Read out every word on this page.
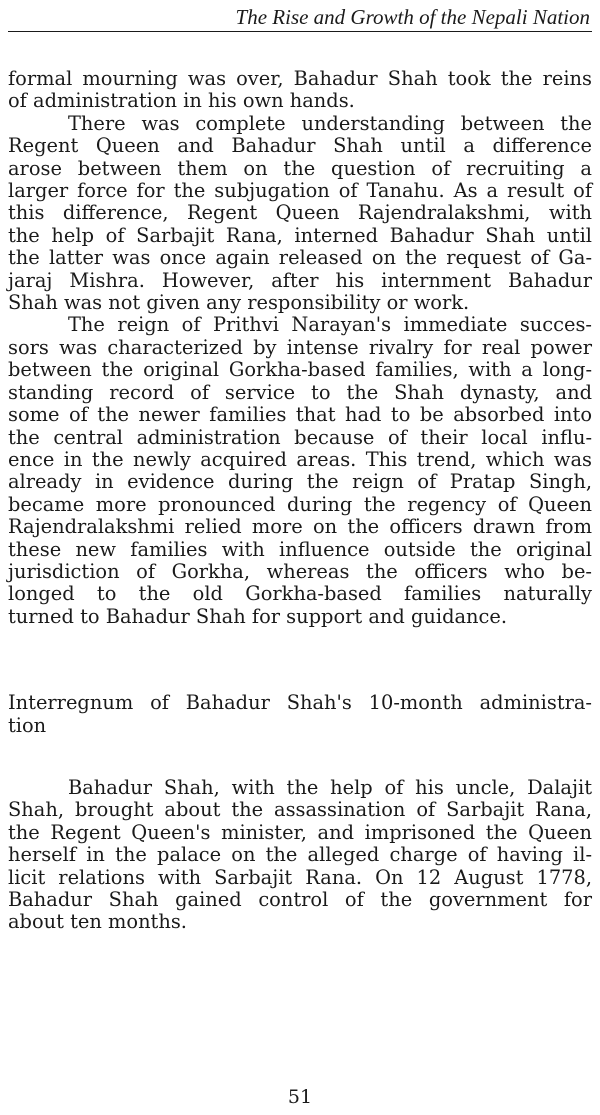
The Rise and Growth of the Nepali Nation
formal mourning was over, Bahadur Shah took the reins
of administration in his own hands.
There was complete understanding between the
Regent Queen and Bahadur Shah until a difference
arose between them on the question of recruiting a
larger force for the subjugation of Tanahu. As a result of
this difference, Regent Queen Rajendralakshmi, with
the help of Sarbajit Rana, interned Bahadur Shah until
the latter was once again released on the request of Ga-
jaraj Mishra. However, after his internment Bahadur
Shah was not given any responsibility or work.
The reign of Prithvi Narayan's immediate succes-
sors was characterized by intense rivalry for real power
between the original Gorkha-based families, with a long-
standing record of service to the Shah dynasty, and
some of the newer families that had to be absorbed into
the central administration because of their local influ-
ence in the newly acquired areas. This trend, which was
already in evidence during the reign of Pratap Singh,
became more pronounced during the regency of Queen
Rajendralakshmi relied more on the officers drawn from
these new families with influence outside the original
jurisdiction of Gorkha, whereas the officers who be-
longed to the old Gorkha-based families naturally
turned to Bahadur Shah for support and guidance.
Interregnum of Bahadur Shah's 10-month administra-
tion
Bahadur Shah, with the help of his uncle, Dalajit
Shah, brought about the assassination of Sarbajit Rana,
the Regent Queen's minister, and imprisoned the Queen
herself in the palace on the alleged charge of having il-
licit relations with Sarbajit Rana. On 12 August 1778,
Bahadur Shah gained control of the government for
about ten months.
51
